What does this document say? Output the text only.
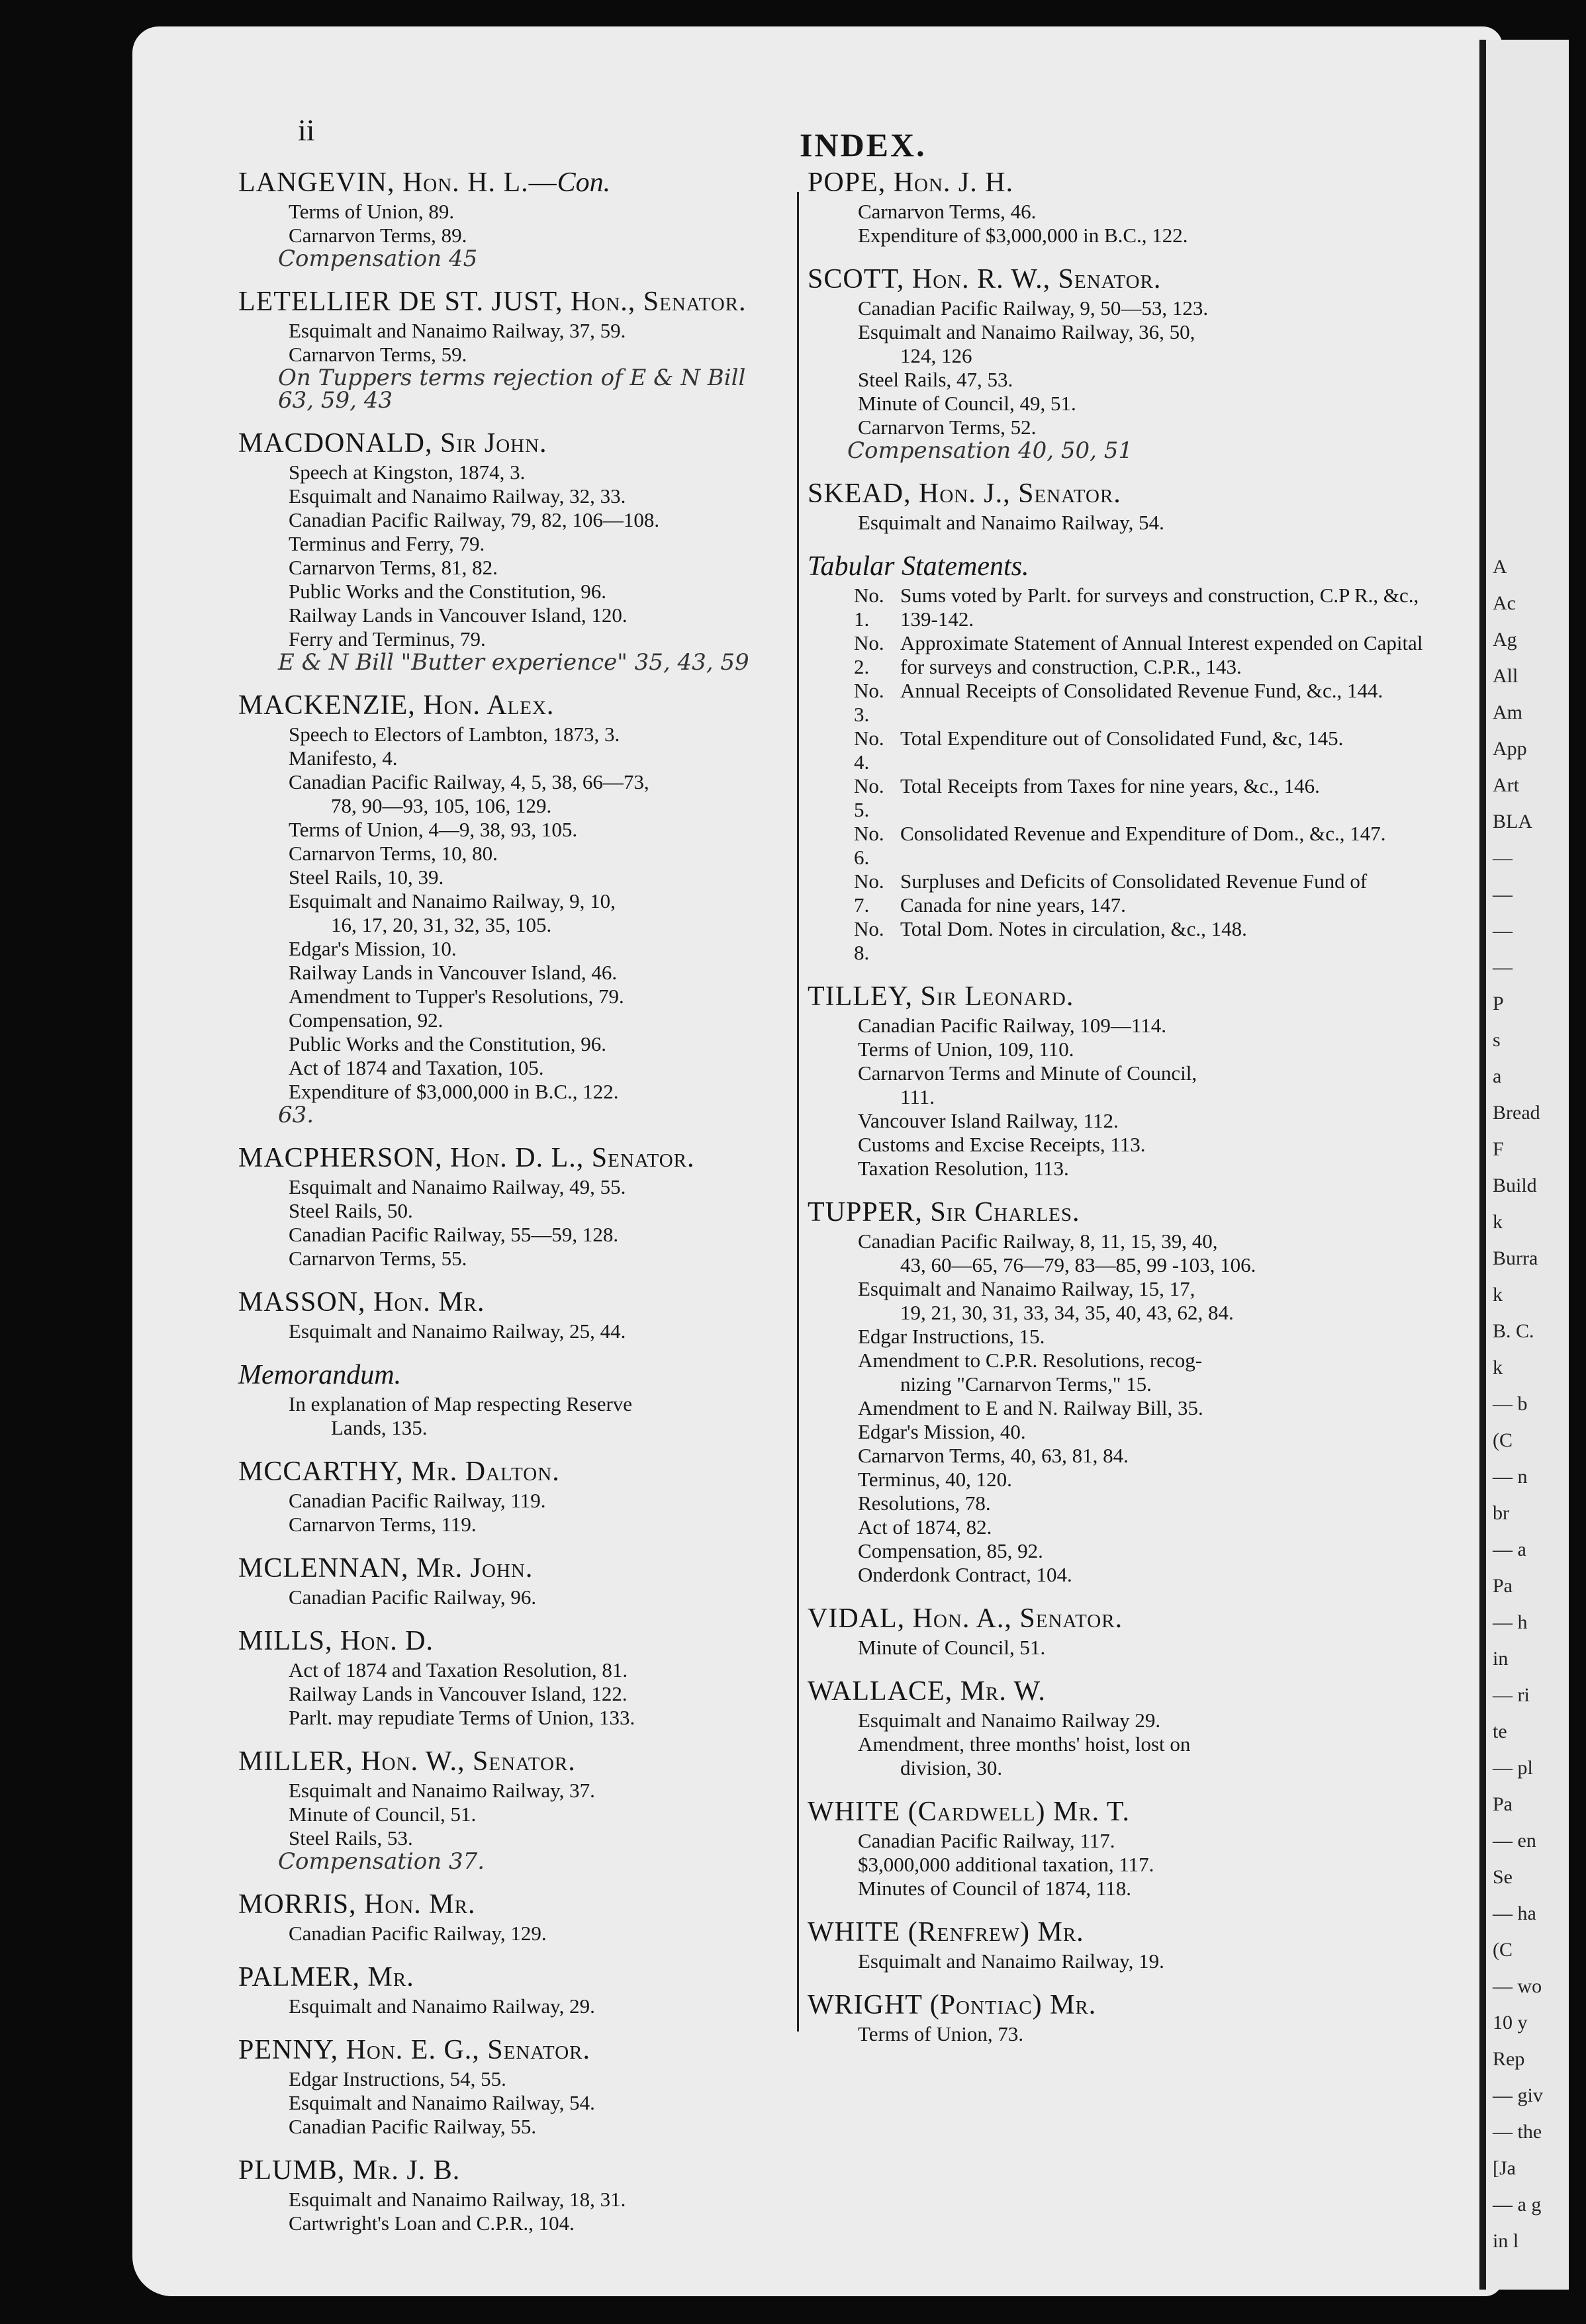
A
Ac
Ag
All
Am
App
Art
BLA
—
—
—
—
P
s
a
Bread
F
Build
k
Burra
k
B. C.
k
— b
(C
— n
br
— a
Pa
— h
in
— ri
te
— pl
Pa
— en
Se
— ha
(C
— wo
10 y
Rep
— giv
— the
[Ja
— a g
in l
ii	INDEX.
LANGEVIN, Hon. H. L.—Con.
Terms of Union, 89.
Carnarvon Terms, 89.
Compensation 45
LETELLIER DE ST. JUST, Hon., Senator.
Esquimalt and Nanaimo Railway, 37, 59.
Carnarvon Terms, 59.
On Tuppers terms rejection of E & N Bill
63, 59, 43
MACDONALD, Sir John.
Speech at Kingston, 1874, 3.
Esquimalt and Nanaimo Railway, 32, 33.
Canadian Pacific Railway, 79, 82, 106—108.
Terminus and Ferry, 79.
Carnarvon Terms, 81, 82.
Public Works and the Constitution, 96.
Railway Lands in Vancouver Island, 120.
Ferry and Terminus, 79.
E & N Bill "Butter experience" 35, 43, 59
MACKENZIE, Hon. Alex.
Speech to Electors of Lambton, 1873, 3.
Manifesto, 4.
Canadian Pacific Railway, 4, 5, 38, 66—73,
78, 90—93, 105, 106, 129.
Terms of Union, 4—9, 38, 93, 105.
Carnarvon Terms, 10, 80.
Steel Rails, 10, 39.
Esquimalt and Nanaimo Railway, 9, 10,
16, 17, 20, 31, 32, 35, 105.
Edgar's Mission, 10.
Railway Lands in Vancouver Island, 46.
Amendment to Tupper's Resolutions, 79.
Compensation, 92.
Public Works and the Constitution, 96.
Act of 1874 and Taxation, 105.
Expenditure of $3,000,000 in B.C., 122.
63.
MACPHERSON, Hon. D. L., Senator.
Esquimalt and Nanaimo Railway, 49, 55.
Steel Rails, 50.
Canadian Pacific Railway, 55—59, 128.
Carnarvon Terms, 55.
MASSON, Hon. Mr.
Esquimalt and Nanaimo Railway, 25, 44.
Memorandum.
In explanation of Map respecting Reserve
Lands, 135.
MCCARTHY, Mr. Dalton.
Canadian Pacific Railway, 119.
Carnarvon Terms, 119.
MCLENNAN, Mr. John.
Canadian Pacific Railway, 96.
MILLS, Hon. D.
Act of 1874 and Taxation Resolution, 81.
Railway Lands in Vancouver Island, 122.
Parlt. may repudiate Terms of Union, 133.
MILLER, Hon. W., Senator.
Esquimalt and Nanaimo Railway, 37.
Minute of Council, 51.
Steel Rails, 53.
Compensation 37.
MORRIS, Hon. Mr.
Canadian Pacific Railway, 129.
PALMER, Mr.
Esquimalt and Nanaimo Railway, 29.
PENNY, Hon. E. G., Senator.
Edgar Instructions, 54, 55.
Esquimalt and Nanaimo Railway, 54.
Canadian Pacific Railway, 55.
PLUMB, Mr. J. B.
Esquimalt and Nanaimo Railway, 18, 31.
Cartwright's Loan and C.P.R., 104.
POPE, Hon. J. H.
Carnarvon Terms, 46.
Expenditure of $3,000,000 in B.C., 122.
SCOTT, Hon. R. W., Senator.
Canadian Pacific Railway, 9, 50—53, 123.
Esquimalt and Nanaimo Railway, 36, 50,
124, 126
Steel Rails, 47, 53.
Minute of Council, 49, 51.
Carnarvon Terms, 52.
Compensation 40, 50, 51
SKEAD, Hon. J., Senator.
Esquimalt and Nanaimo Railway, 54.
Tabular Statements.
No. 1.
Sums voted by Parlt. for surveys and construction, C.P R., &c., 139-142.
No. 2.
Approximate Statement of Annual Interest expended on Capital for surveys and construction, C.P.R., 143.
No. 3.
Annual Receipts of Consolidated Revenue Fund, &c., 144.
No. 4.
Total Expenditure out of Consolidated Fund, &c, 145.
No. 5.
Total Receipts from Taxes for nine years, &c., 146.
No. 6.
Consolidated Revenue and Expenditure of Dom., &c., 147.
No. 7.
Surpluses and Deficits of Consolidated Revenue Fund of Canada for nine years, 147.
No. 8.
Total Dom. Notes in circulation, &c., 148.
TILLEY, Sir Leonard.
Canadian Pacific Railway, 109—114.
Terms of Union, 109, 110.
Carnarvon Terms and Minute of Council,
111.
Vancouver Island Railway, 112.
Customs and Excise Receipts, 113.
Taxation Resolution, 113.
TUPPER, Sir Charles.
Canadian Pacific Railway, 8, 11, 15, 39, 40,
43, 60—65, 76—79, 83—85, 99 -103, 106.
Esquimalt and Nanaimo Railway, 15, 17,
19, 21, 30, 31, 33, 34, 35, 40, 43, 62, 84.
Edgar Instructions, 15.
Amendment to C.P.R. Resolutions, recog-
nizing "Carnarvon Terms," 15.
Amendment to E and N. Railway Bill, 35.
Edgar's Mission, 40.
Carnarvon Terms, 40, 63, 81, 84.
Terminus, 40, 120.
Resolutions, 78.
Act of 1874, 82.
Compensation, 85, 92.
Onderdonk Contract, 104.
VIDAL, Hon. A., Senator.
Minute of Council, 51.
WALLACE, Mr. W.
Esquimalt and Nanaimo Railway 29.
Amendment, three months' hoist, lost on
division, 30.
WHITE (Cardwell) Mr. T.
Canadian Pacific Railway, 117.
$3,000,000 additional taxation, 117.
Minutes of Council of 1874, 118.
WHITE (Renfrew) Mr.
Esquimalt and Nanaimo Railway, 19.
WRIGHT (Pontiac) Mr.
Terms of Union, 73.
